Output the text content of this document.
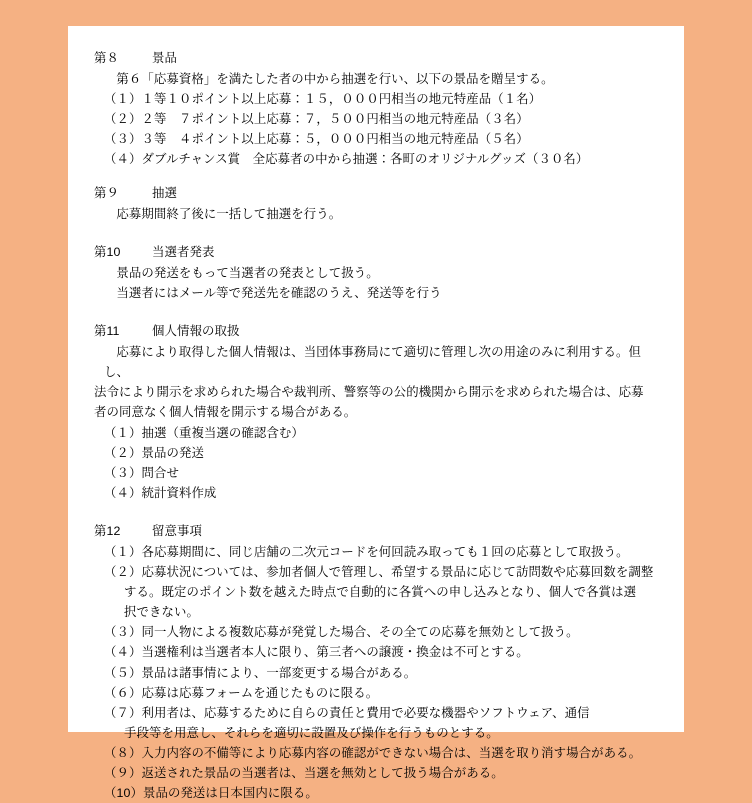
第８	景品
第６「応募資格」を満たした者の中から抽選を行い、以下の景品を贈呈する。
（１） １等１０ポイント以上応募：１５，０００円相当の地元特産品（１名）
（２） ２等　７ポイント以上応募：７，５００円相当の地元特産品（３名）
（３） ３等　４ポイント以上応募：５，０００円相当の地元特産品（５名）
（４） ダブルチャンス賞　全応募者の中から抽選：各町のオリジナルグッズ（３０名）
第９	抽選
応募期間終了後に一括して抽選を行う。
第10	当選者発表
景品の発送をもって当選者の発表として扱う。
当選者にはメール等で発送先を確認のうえ、発送等を行う
第11	個人情報の取扱
応募により取得した個人情報は、当団体事務局にて適切に管理し次の用途のみに利用する。但し、
法令により開示を求められた場合や裁判所、警察等の公的機関から開示を求められた場合は、応募
者の同意なく個人情報を開示する場合がある。
（１） 抽選（重複当選の確認含む）
（２） 景品の発送
（３） 問合せ
（４） 統計資料作成
第12	留意事項
（１） 各応募期間に、同じ店舗の二次元コードを何回読み取っても１回の応募として取扱う。
（２） 応募状況については、参加者個人で管理し、希望する景品に応じて訪問数や応募回数を調整
する。既定のポイント数を越えた時点で自動的に各賞への申し込みとなり、個人で各賞は選
択できない。
（３） 同一人物による複数応募が発覚した場合、その全ての応募を無効として扱う。
（４） 当選権利は当選者本人に限り、第三者への譲渡・換金は不可とする。
（５） 景品は諸事情により、一部変更する場合がある。
（６） 応募は応募フォームを通じたものに限る。
（７） 利用者は、応募するために自らの責任と費用で必要な機器やソフトウェア、通信
手段等を用意し、それらを適切に設置及び操作を行うものとする。
（８） 入力内容の不備等により応募内容の確認ができない場合は、当選を取り消す場合がある。
（９） 返送された景品の当選者は、当選を無効として扱う場合がある。
（10） 景品の発送は日本国内に限る。
